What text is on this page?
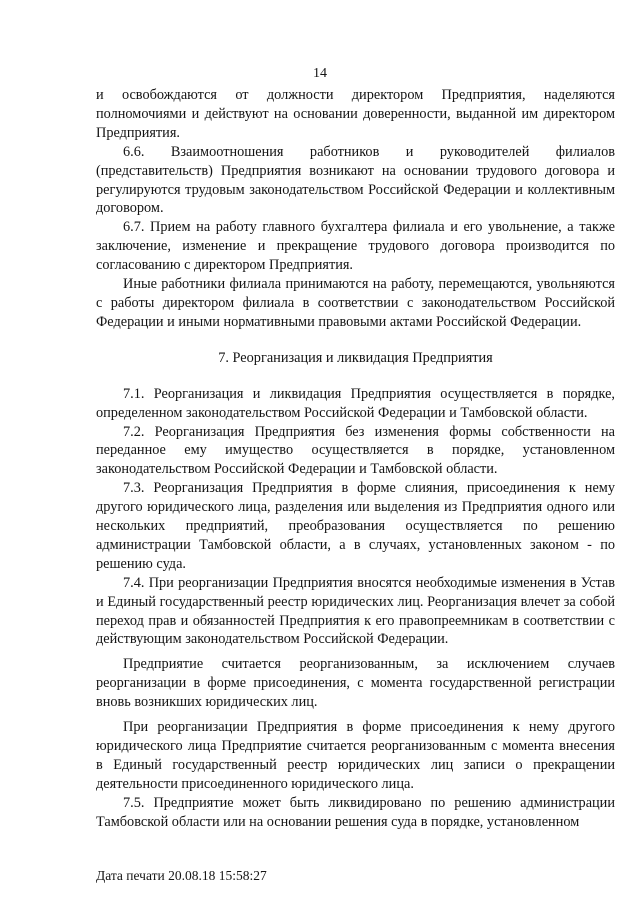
14

и освобождаются от должности директором Предприятия, наделяются полномочиями и действуют на основании доверенности, выданной им директором Предприятия.

6.6. Взаимоотношения работников и руководителей филиалов (представительств) Предприятия возникают на основании трудового договора и регулируются трудовым законодательством Российской Федерации и коллективным договором.

6.7. Прием на работу главного бухгалтера филиала и его увольнение, а также заключение, изменение и прекращение трудового договора производится по согласованию с директором Предприятия.

Иные работники филиала принимаются на работу, перемещаются, увольняются с работы директором филиала в соответствии с законодательством Российской Федерации и иными нормативными правовыми актами Российской Федерации.

7. Реорганизация и ликвидация Предприятия

7.1. Реорганизация и ликвидация Предприятия осуществляется в порядке, определенном законодательством Российской Федерации и Тамбовской области.

7.2. Реорганизация Предприятия без изменения формы собственности на переданное ему имущество осуществляется в порядке, установленном законодательством Российской Федерации и Тамбовской области.

7.3. Реорганизация Предприятия в форме слияния, присоединения к нему другого юридического лица, разделения или выделения из Предприятия одного или нескольких предприятий, преобразования осуществляется по решению администрации Тамбовской области, а в случаях, установленных законом - по решению суда.

7.4. При реорганизации Предприятия вносятся необходимые изменения в Устав и Единый государственный реестр юридических лиц. Реорганизация влечет за собой переход прав и обязанностей Предприятия к его правопреемникам в соответствии с действующим законодательством Российской Федерации.

Предприятие считается реорганизованным, за исключением случаев реорганизации в форме присоединения, с момента государственной регистрации вновь возникших юридических лиц.

При реорганизации Предприятия в форме присоединения к нему другого юридического лица Предприятие считается реорганизованным с момента внесения в Единый государственный реестр юридических лиц записи о прекращении деятельности присоединенного юридического лица.

7.5. Предприятие может быть ликвидировано по решению администрации Тамбовской области или на основании решения суда в порядке, установленном

Дата печати 20.08.18 15:58:27
